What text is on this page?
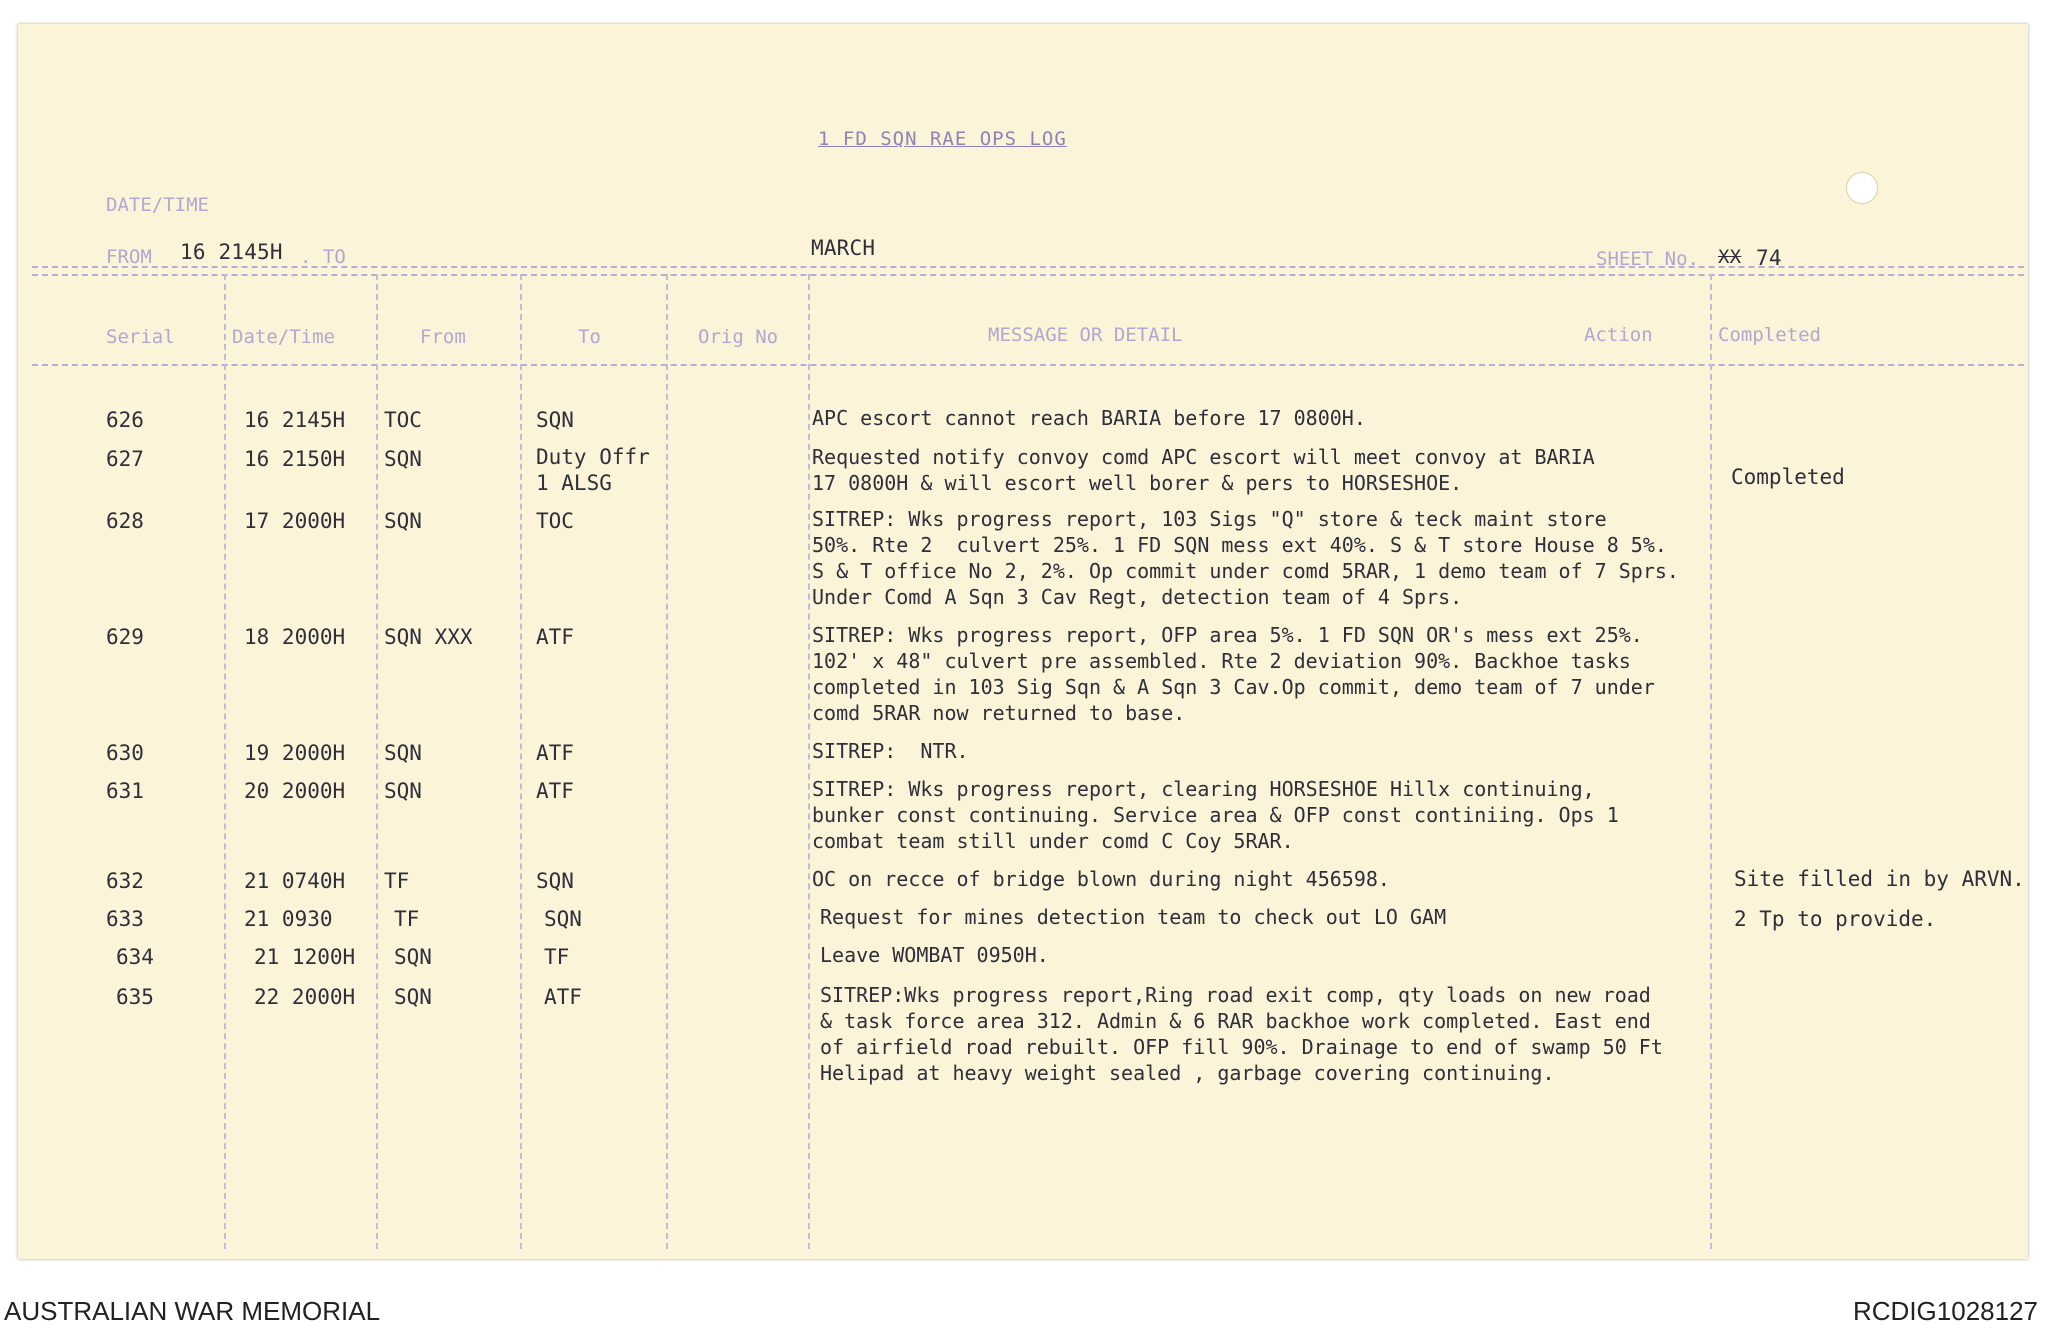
1 FD SQN RAE OPS LOG
DATE/TIME
FROM 16 2145H . TO	MARCH	SHEET No. XX 74
Serial	Date/Time	From	To	Orig No	MESSAGE OR DETAIL	Action	Completed
626	16 2145H TOC	SQN	APC escort cannot reach BARIA before 17 0800H.
627	16 2150H SQN	Duty Offr
1 ALSG
Requested notify convoy comd APC escort will meet convoy at BARIA
17 0800H & will escort well borer & pers to HORSESHOE.	Completed
628	17 2000H SQN	TOC	SITREP: Wks progress report, 103 Sigs "Q" store & teck maint store
50%. Rte 2  culvert 25%. 1 FD SQN mess ext 40%. S & T store House 8 5%.
S & T office No 2, 2%. Op commit under comd 5RAR, 1 demo team of 7 Sprs.
Under Comd A Sqn 3 Cav Regt, detection team of 4 Sprs.
629	18 2000H SQN XXX	ATF	SITREP: Wks progress report, OFP area 5%. 1 FD SQN OR's mess ext 25%.
102' x 48" culvert pre assembled. Rte 2 deviation 90%. Backhoe tasks
completed in 103 Sig Sqn & A Sqn 3 Cav.Op commit, demo team of 7 under
comd 5RAR now returned to base.
630	19 2000H SQN	ATF	SITREP:  NTR.
631	20 2000H SQN	ATF	SITREP: Wks progress report, clearing HORSESHOE Hillx continuing,
bunker const continuing. Service area & OFP const continiing. Ops 1
combat team still under comd C Coy 5RAR.
632	21 0740H TF	SQN	OC on recce of bridge blown during night 456598.	Site filled in by ARVN.
633	21 0930	TF	SQN	Request for mines detection team to check out LO GAM	2 Tp to provide.
634	21 1200H SQN	TF	Leave WOMBAT 0950H.
635	22 2000H SQN	ATF	SITREP:Wks progress report,Ring road exit comp, qty loads on new road
& task force area 312. Admin & 6 RAR backhoe work completed. East end
of airfield road rebuilt. OFP fill 90%. Drainage to end of swamp 50 Ft
Helipad at heavy weight sealed , garbage covering continuing.
AUSTRALIAN WAR MEMORIAL	RCDIG1028127
